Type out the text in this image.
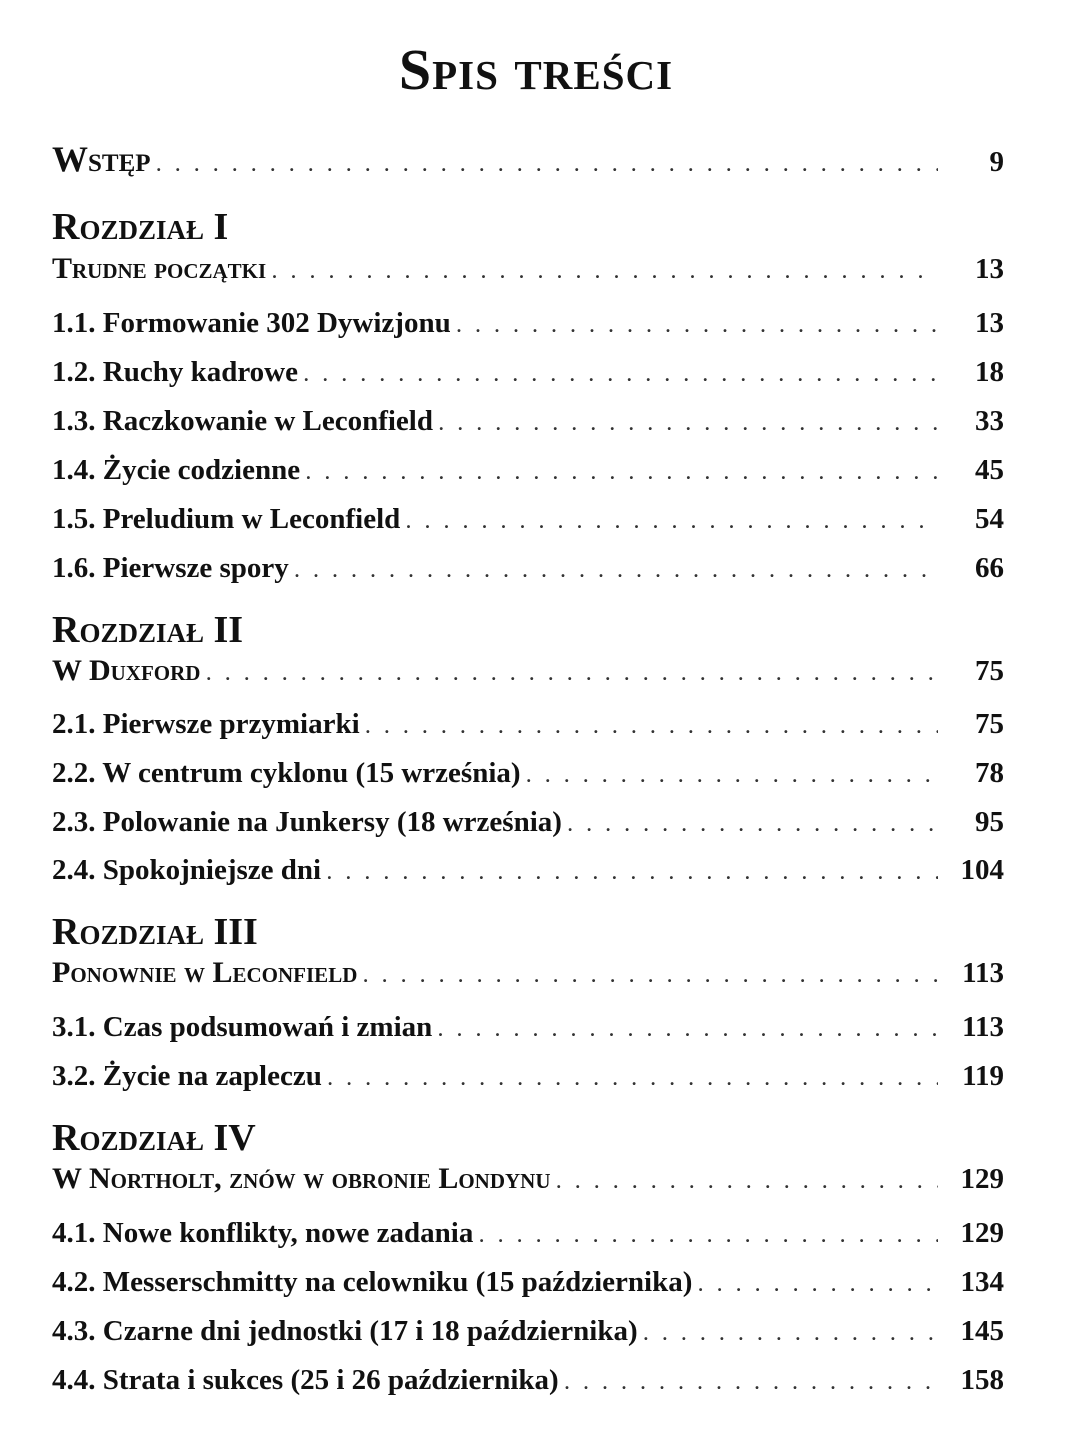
Spis treści
Wstęp . . .	9
Rozdział I
Trudne początki . . .	13
1.1. Formowanie 302 Dywizjonu . . .	13
1.2. Ruchy kadrowe . . .	18
1.3. Raczkowanie w Leconfield . . .	33
1.4. Życie codzienne . . .	45
1.5. Preludium w Leconfield . . .	54
1.6. Pierwsze spory . . .	66
Rozdział II
W Duxford . . .	75
2.1. Pierwsze przymiarki . . .	75
2.2. W centrum cyklonu (15 września) . . .	78
2.3. Polowanie na Junkersy (18 września) . . .	95
2.4. Spokojniejsze dni . . .	104
Rozdział III
Ponownie w Leconfield . . .	113
3.1. Czas podsumowań i zmian . . .	113
3.2. Życie na zapleczu . . .	119
Rozdział IV
W Northolt, znów w obronie Londynu . . .	129
4.1. Nowe konflikty, nowe zadania . . .	129
4.2. Messerschmitty na celowniku (15 października) . . .	134
4.3. Czarne dni jednostki (17 i 18 października) . . .	145
4.4. Strata i sukces (25 i 26 października) . . .	158
